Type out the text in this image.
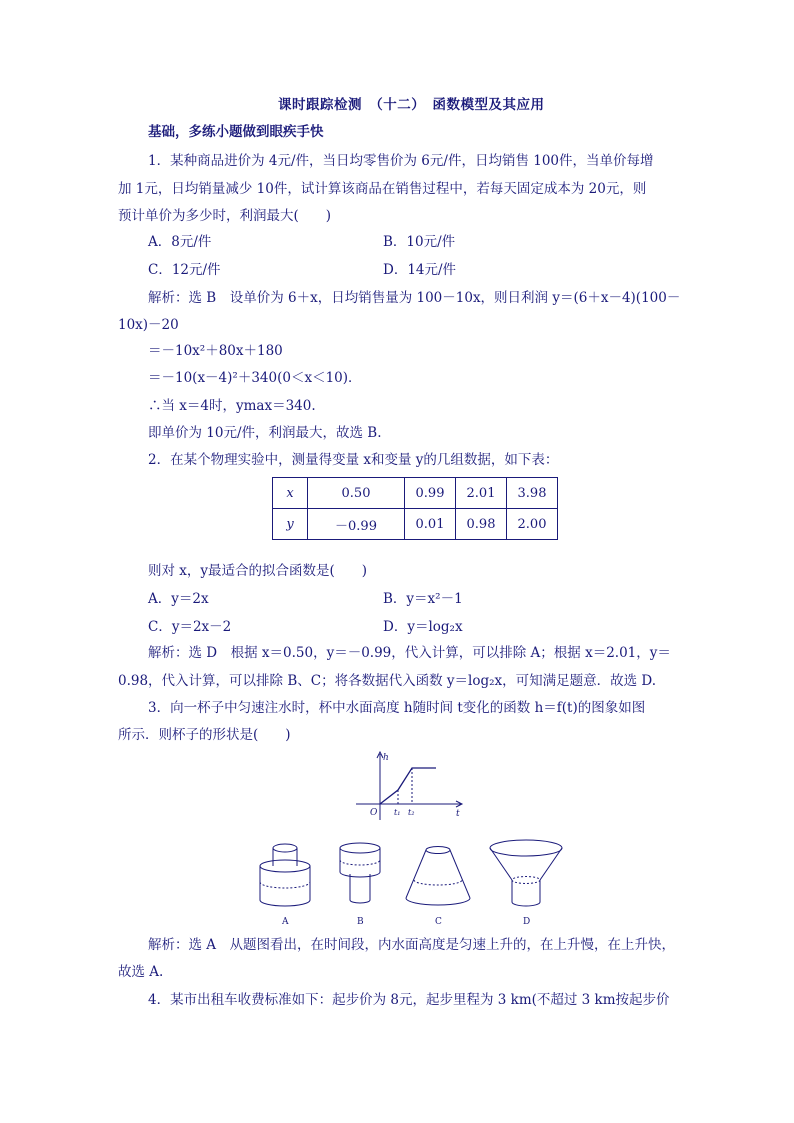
课时跟踪检测　（十二）　函数模型及其应用
基础，多练小题做到眼疾手快
1．某种商品进价为 4元/件，当日均零售价为 6元/件，日均销售 100件，当单价每增
加 1元，日均销量减少 10件，试计算该商品在销售过程中，若每天固定成本为 20元，则
预计单价为多少时，利润最大(　　)
A．8元/件	B．10元/件
C．12元/件	D．14元/件
解析：选 B　设单价为 6＋x，日均销售量为 100－10x，则日利润 y＝(6＋x－4)(100－
10x)－20
＝－10x²＋80x＋180
＝－10(x－4)²＋340(0＜x＜10)．
∴当 x＝4时，ymax＝340.
即单价为 10元/件，利润最大，故选 B.
2．在某个物理实验中，测量得变量 x和变量 y的几组数据，如下表：
x	0.50	0.99	2.01	3.98
y	－0.99	0.01	0.98	2.00
则对 x，y最适合的拟合函数是(　　)
A．y＝2x	B．y＝x²－1
C．y＝2x－2	D．y＝log₂x
解析：选 D　根据 x＝0.50，y＝－0.99，代入计算，可以排除 A；根据 x＝2.01，y＝
0.98，代入计算，可以排除 B、C；将各数据代入函数 y＝log₂x，可知满足题意．故选 D.
3．向一杯子中匀速注水时，杯中水面高度 h随时间 t变化的函数 h＝f(t)的图象如图
所示．则杯子的形状是(　　)
h
t
O t₁ t₂
A	B	C	D
解析：选 A　从题图看出，在时间段，内水面高度是匀速上升的，在上升慢，在上升快，
故选 A.
4．某市出租车收费标准如下：起步价为 8元，起步里程为 3 km(不超过 3 km按起步价
